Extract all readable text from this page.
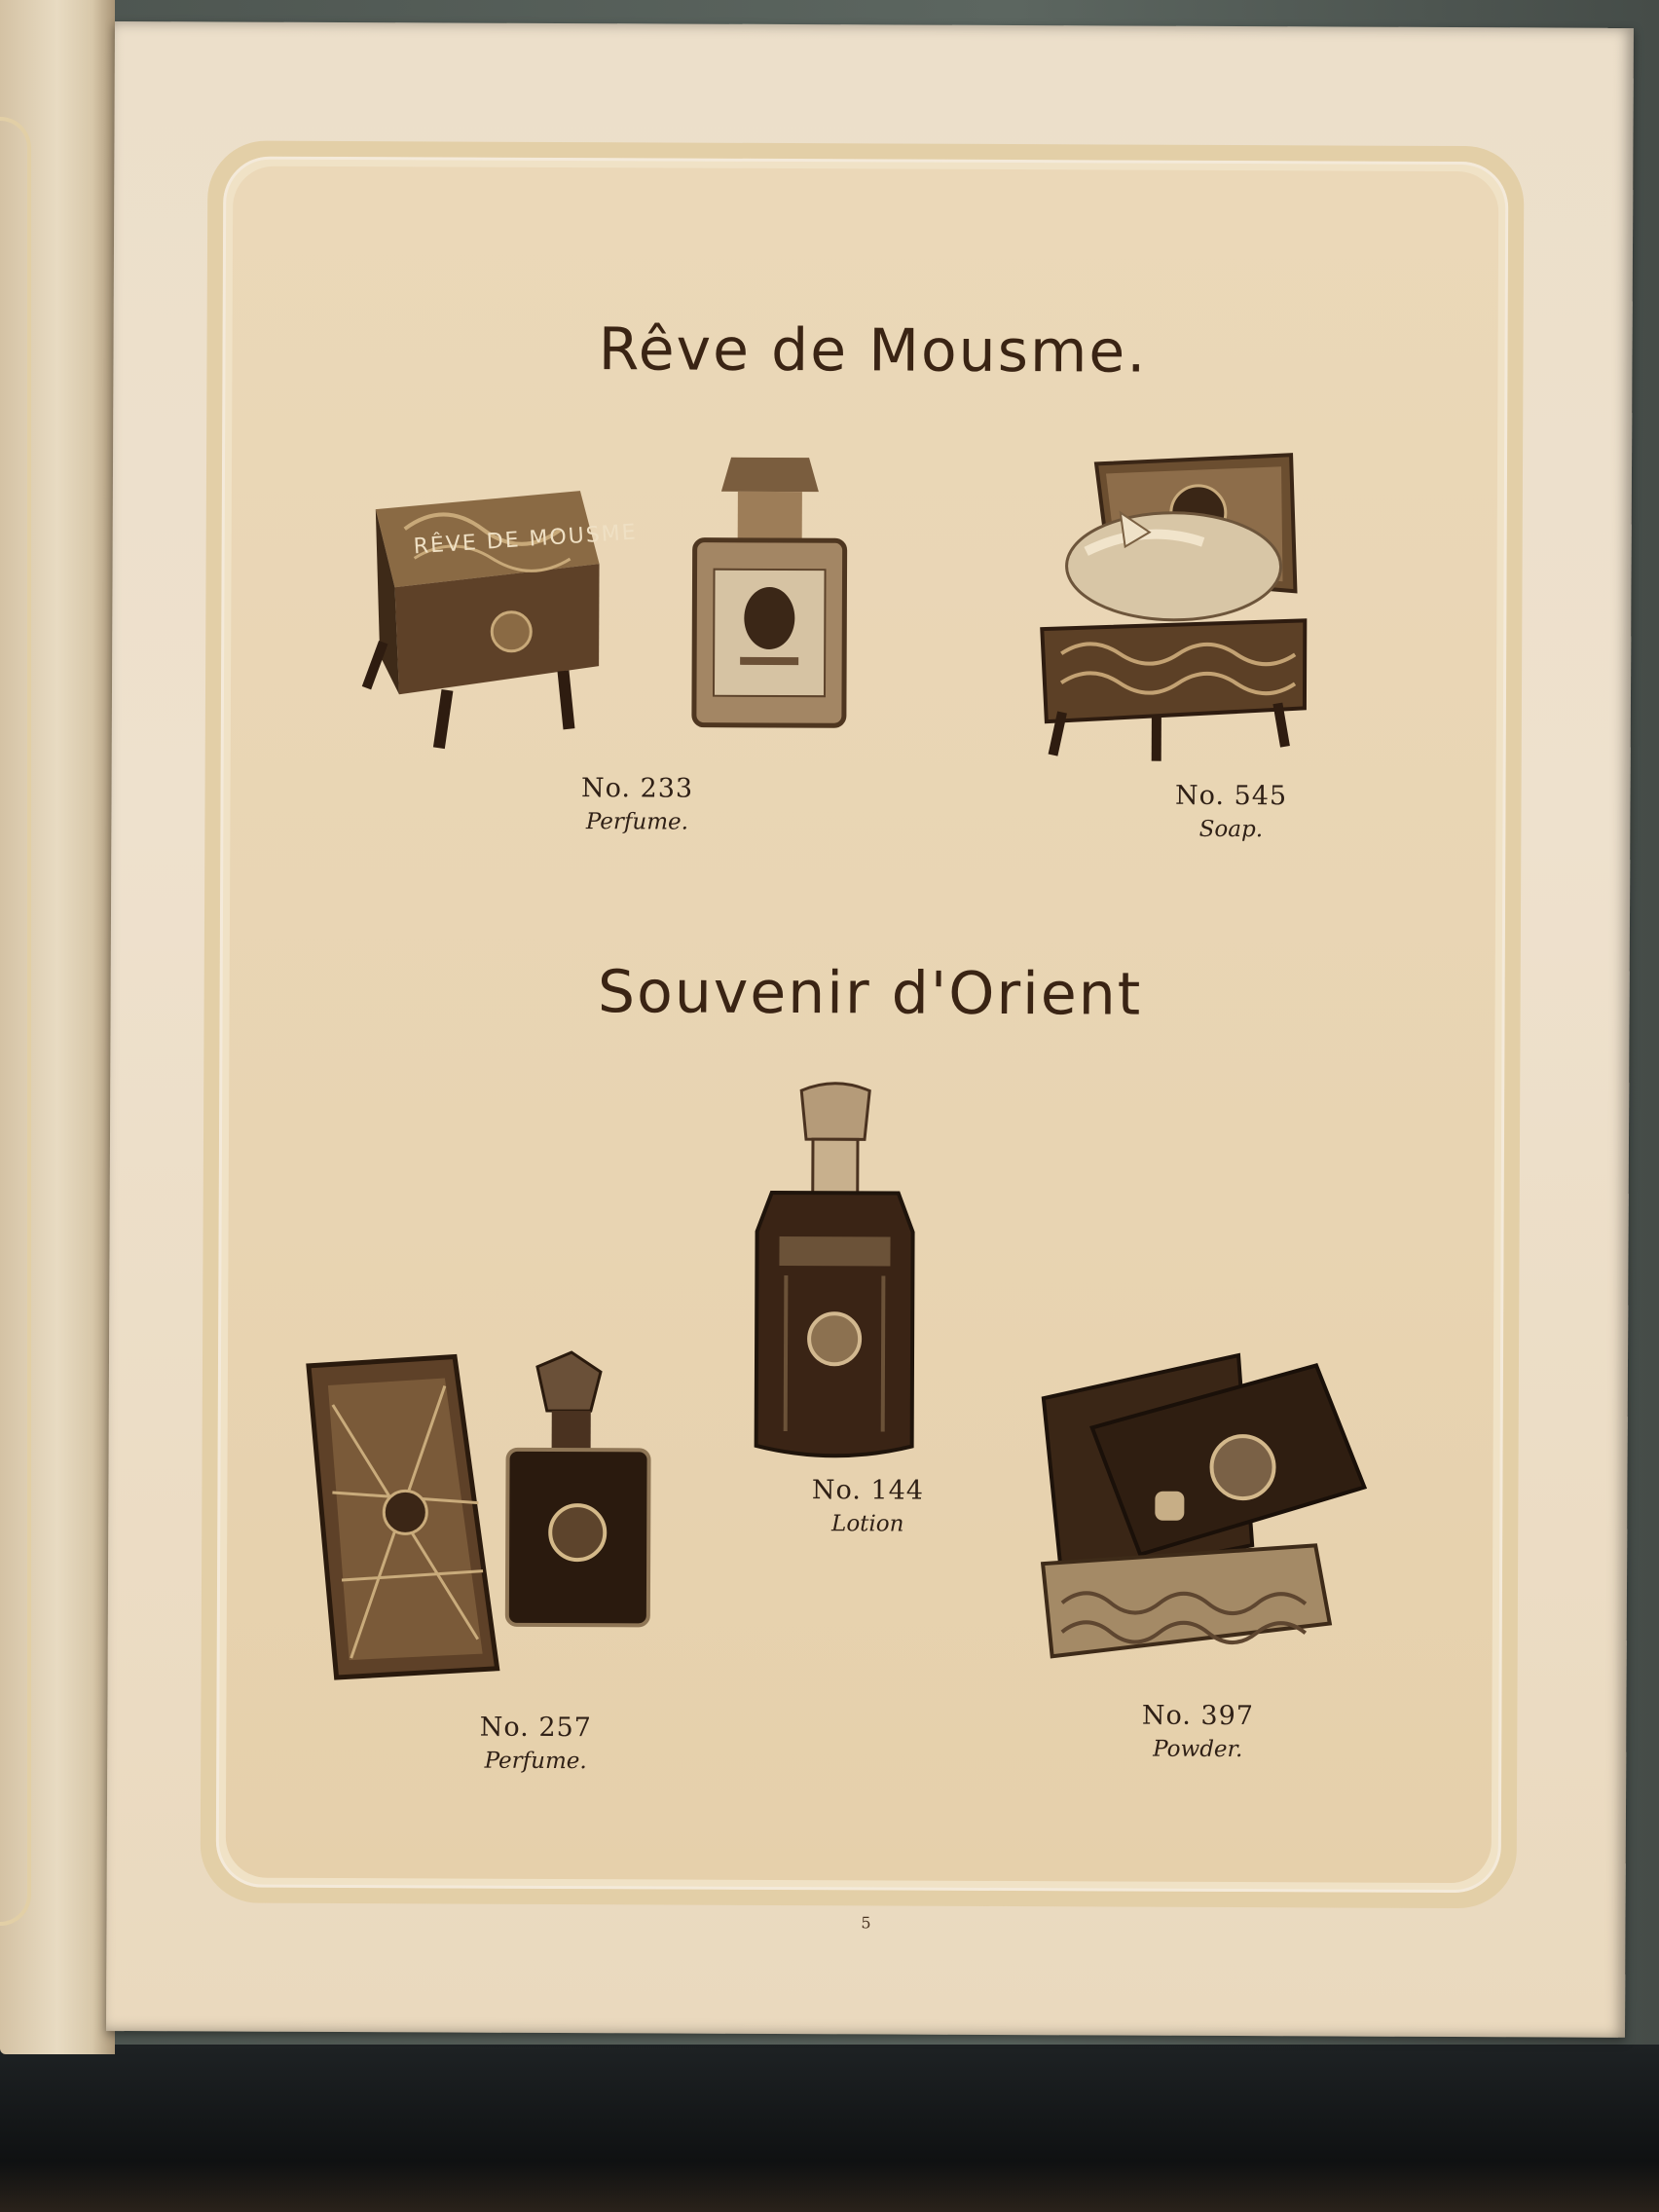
Rêve de Mousme.
RÊVE DE MOUSME
No. 233
Perfume.
No. 545
Soap.
Souvenir d'Orient
No. 144
Lotion
No. 257
Perfume.
No. 397
Powder.
5
